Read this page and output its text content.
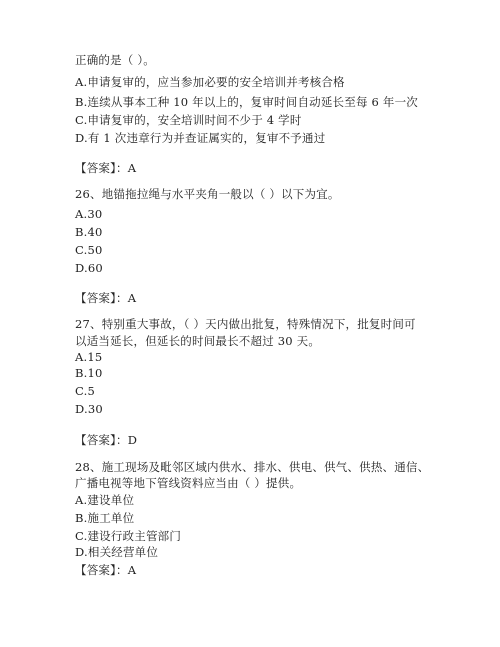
正确的是（ ）。
A.申请复审的，应当参加必要的安全培训并考核合格
B.连续从事本工种 10 年以上的，复审时间自动延长至每 6 年一次
C.申请复审的，安全培训时间不少于 4 学时
D.有 1 次违章行为并查证属实的，复审不予通过
【答案】：A
26、地锚拖拉绳与水平夹角一般以（ ）以下为宜。
A.30
B.40
C.50
D.60
【答案】：A
27、特别重大事故，（ ）天内做出批复，特殊情况下，批复时间可
以适当延长，但延长的时间最长不超过 30 天。
A.15
B.10
C.5
D.30
【答案】：D
28、施工现场及毗邻区域内供水、排水、供电、供气、供热、通信、
广播电视等地下管线资料应当由（ ）提供。
A.建设单位
B.施工单位
C.建设行政主管部门
D.相关经营单位
【答案】：A
